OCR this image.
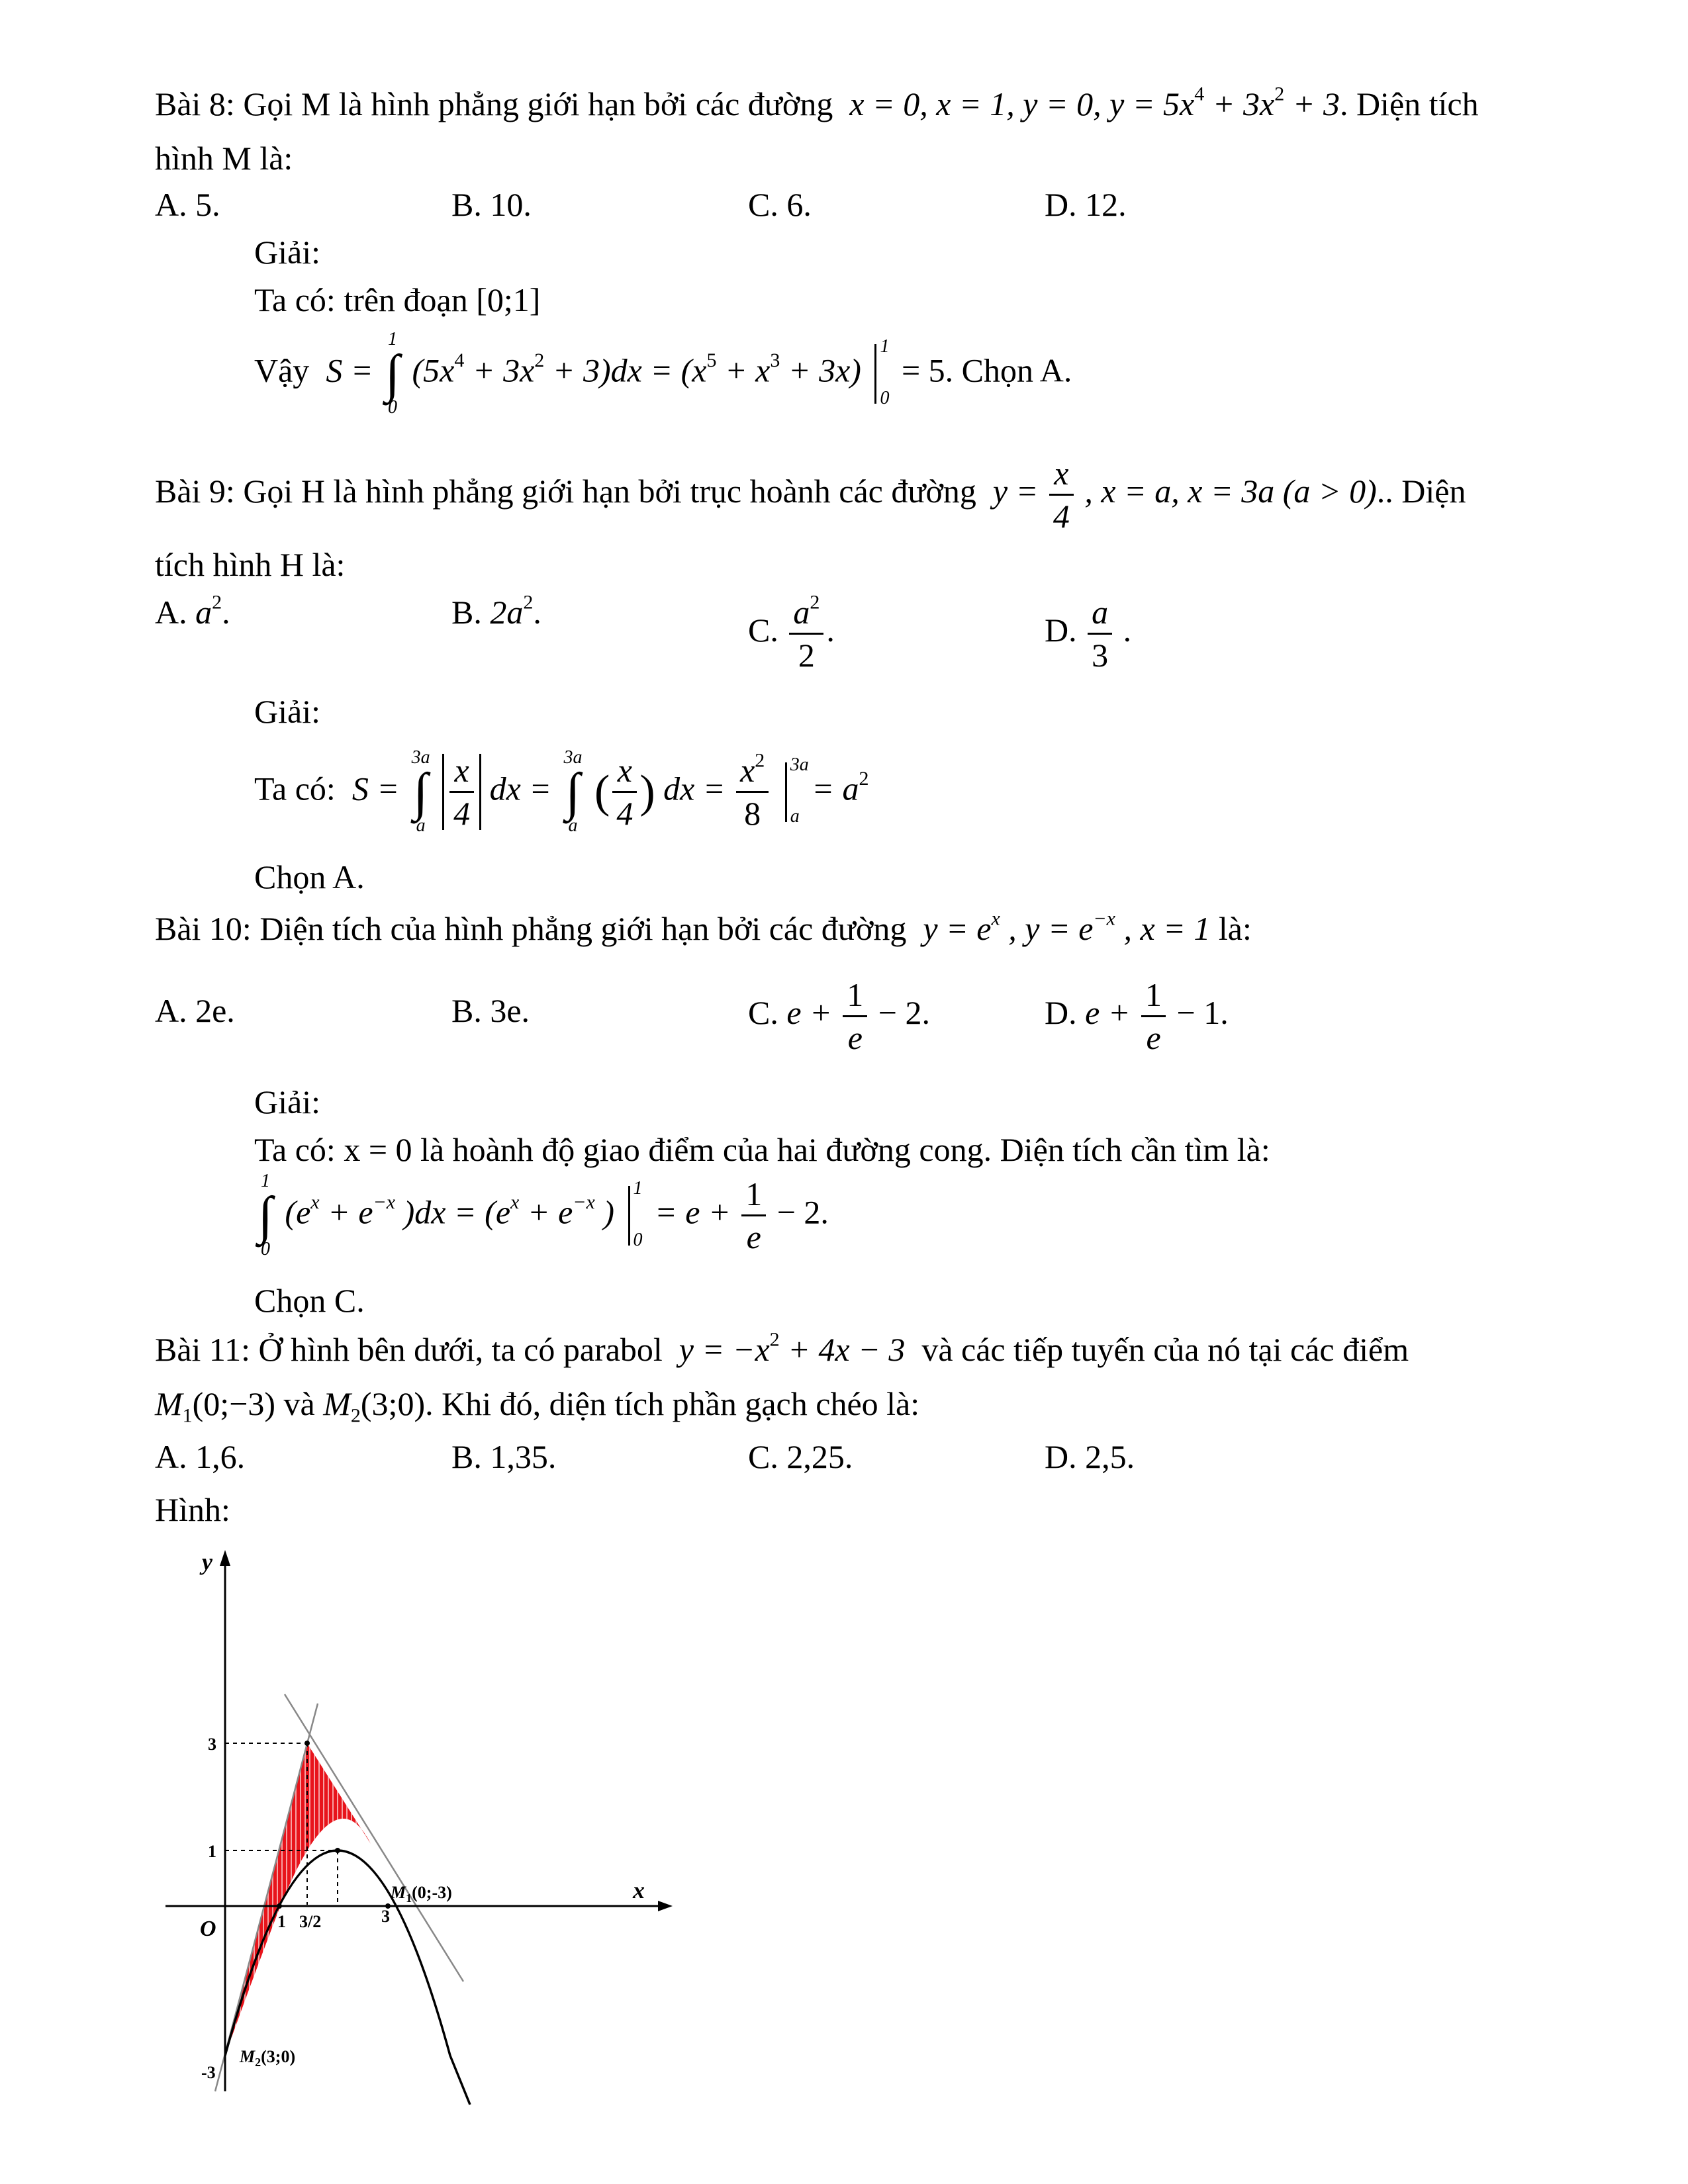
Bài 8: Gọi M là hình phẳng giới hạn bởi các đường x = 0, x = 1, y = 0, $y = 5x^4 + 3x^2 + 3$. Diện tích
hình M là:
A. 5.	B. 10.	C. 6.	D. 12.
Giải:
Ta có: trên đoạn [0;1]
Vậy S =
1
∫
0
$(5x^4 + 3x^2 + 3)dx = (x^5 + x^3 + 3x)$
1
0
= 5. Chọn A.
Bài 9: Gọi H là hình phẳng giới hạn bởi trục hoành các đường $y = \frac{x}{4}$ , x = a, x = 3a (a > 0).. Diện
tích hình H là:
A. $a^2$.	B. $2a^2$.	C. $\frac{a^2}{2}$ .	D. $\frac{a}{3}$ .
Giải:
Ta có: S =
3a
∫
a
$\frac{x}{4}$ dx =
3a
∫
a
( $\frac{x}{4}$ ) dx = $\frac{x^2}{8}$
3a
a
= $a^2$
Chọn A.
Bài 10: Diện tích của hình phẳng giới hạn bởi các đường $y = e^x$ , $y = e^{-x}$ , x = 1 là:
A. 2e.	B. 3e.	C. $e + \frac{1}{e} - 2$.	D. $e + \frac{1}{e} - 1$.
Giải:
Ta có: x = 0 là hoành độ giao điểm của hai đường cong. Diện tích cần tìm là:
1
∫
0
($e^x + e^{-x}$ )$dx = (e^x + e^{-x}$ )
1
0
= $e + \frac{1}{e} - 2$.
Chọn C.
Bài 11: Ở hình bên dưới, ta có parabol $y = -x^2 + 4x - 3$ và các tiếp tuyến của nó tại các điểm
$M_1(0;-3)$ và $M_2(3;0)$. Khi đó, diện tích phần gạch chéo là:
A. 1,6.	B. 1,35.	C. 2,25.	D. 2,5.
Hình:
y
x
O
3
1
-3
1 3/2	3
$M_1(0;-3)$
$M_2(3;0)$
